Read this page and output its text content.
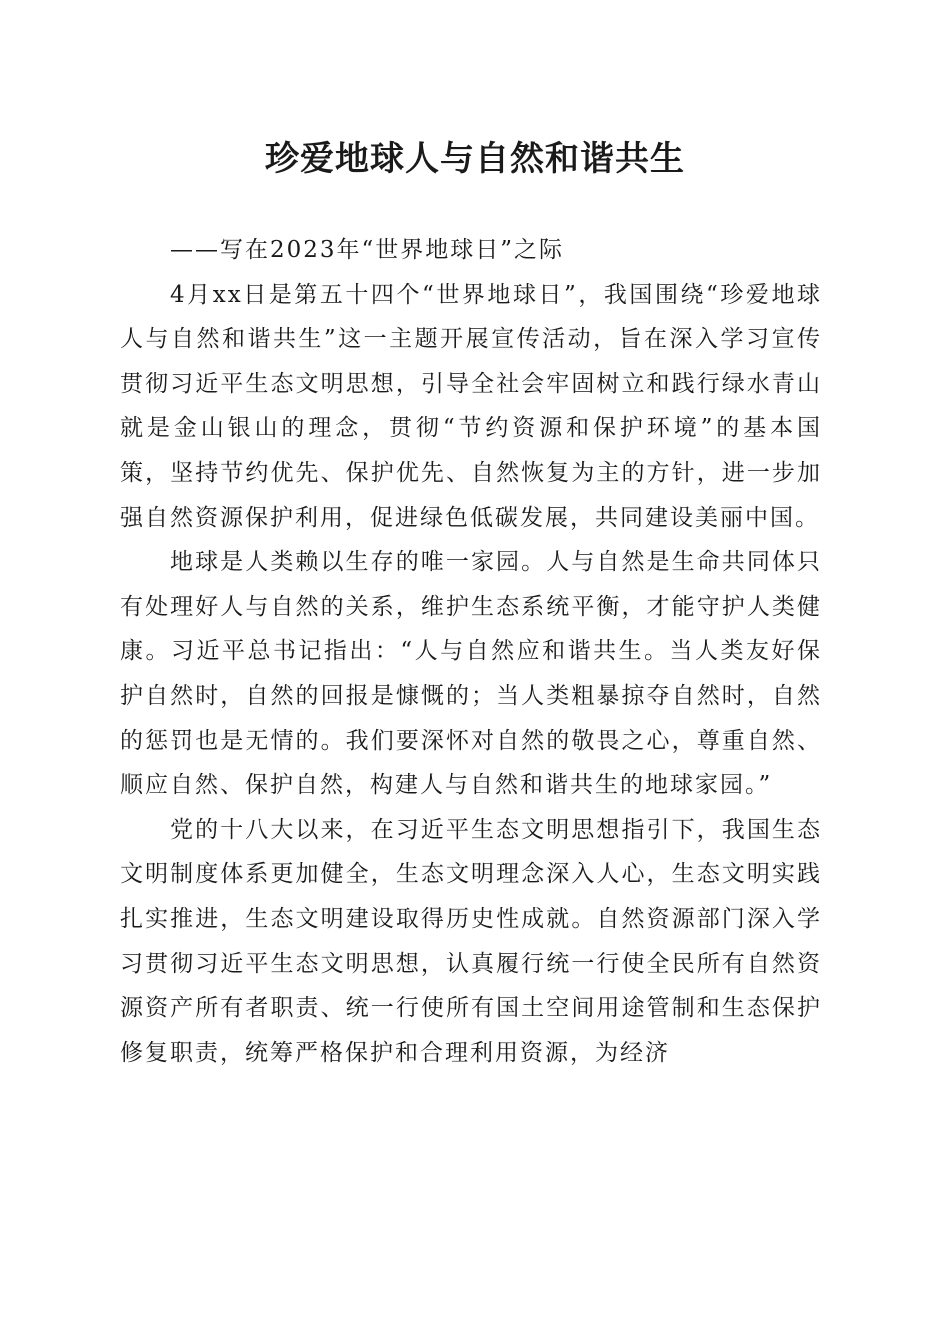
珍爱地球人与自然和谐共生

——写在2023年“世界地球日”之际

4月xx日是第五十四个“世界地球日”，我国围绕“珍爱地球人与自然和谐共生”这一主题开展宣传活动，旨在深入学习宣传贯彻习近平生态文明思想，引导全社会牢固树立和践行绿水青山就是金山银山的理念，贯彻“节约资源和保护环境”的基本国策，坚持节约优先、保护优先、自然恢复为主的方针，进一步加强自然资源保护利用，促进绿色低碳发展，共同建设美丽中国。

地球是人类赖以生存的唯一家园。人与自然是生命共同体只有处理好人与自然的关系，维护生态系统平衡，才能守护人类健康。习近平总书记指出：“人与自然应和谐共生。当人类友好保护自然时，自然的回报是慷慨的；当人类粗暴掠夺自然时，自然的惩罚也是无情的。我们要深怀对自然的敬畏之心，尊重自然、顺应自然、保护自然，构建人与自然和谐共生的地球家园。”

党的十八大以来，在习近平生态文明思想指引下，我国生态文明制度体系更加健全，生态文明理念深入人心，生态文明实践扎实推进，生态文明建设取得历史性成就。自然资源部门深入学习贯彻习近平生态文明思想，认真履行统一行使全民所有自然资源资产所有者职责、统一行使所有国土空间用途管制和生态保护修复职责，统筹严格保护和合理利用资源，为经济
